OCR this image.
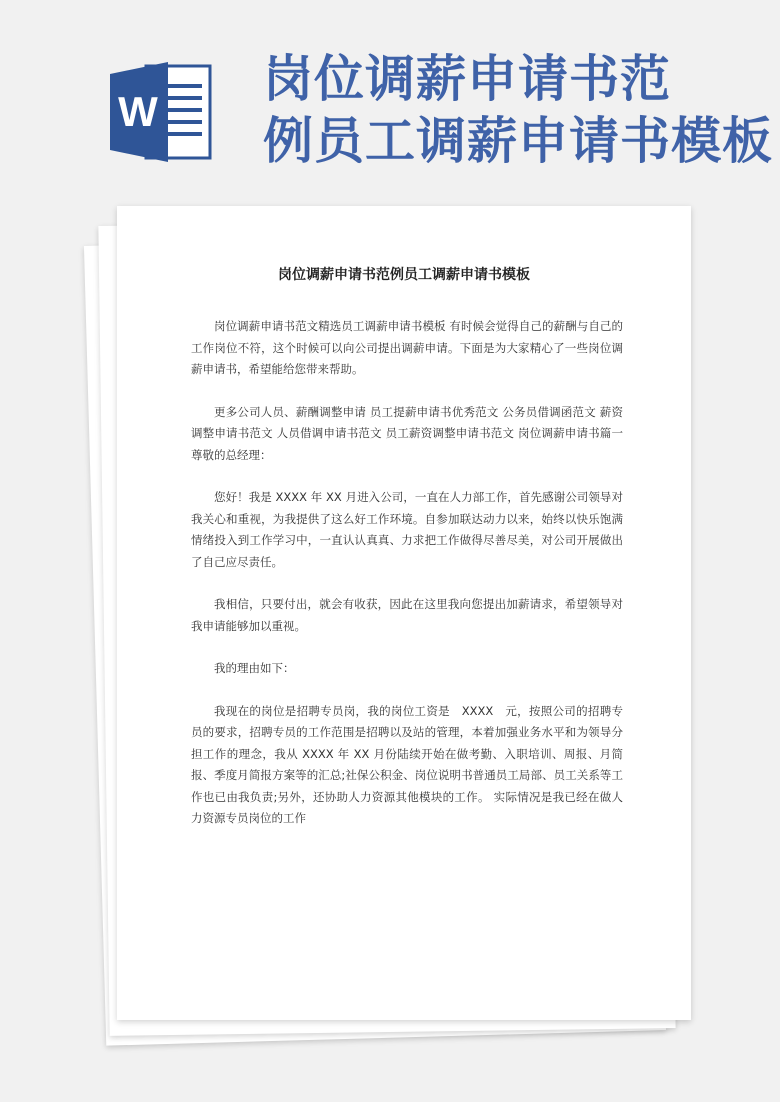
W
岗位调薪申请书范
例员工调薪申请书模板
岗位调薪申请书范例员工调薪申请书模板

岗位调薪申请书范文精选员工调薪申请书模板 有时候会觉得自己的薪酬与自己的工作岗位不符，这个时候可以向公司提出调薪申请。下面是为大家精心了一些岗位调薪申请书，希望能给您带来帮助。

更多公司人员、薪酬调整申请 员工提薪申请书优秀范文 公务员借调函范文 薪资调整申请书范文 人员借调申请书范文 员工薪资调整申请书范文 岗位调薪申请书篇一 尊敬的总经理：

您好！我是 XXXX 年 XX 月进入公司，一直在人力部工作，首先感谢公司领导对我关心和重视，为我提供了这么好工作环境。自参加联达动力以来，始终以快乐饱满情绪投入到工作学习中，一直认认真真、力求把工作做得尽善尽美，对公司开展做出了自己应尽责任。

我相信，只要付出，就会有收获，因此在这里我向您提出加薪请求，希望领导对我申请能够加以重视。

我的理由如下：

我现在的岗位是招聘专员岗，我的岗位工资是　XXXX　元，按照公司的招聘专员的要求，招聘专员的工作范围是招聘以及站的管理，本着加强业务水平和为领导分担工作的理念，我从 XXXX 年 XX 月份陆续开始在做考勤、入职培训、周报、月简报、季度月简报方案等的汇总;社保公积金、岗位说明书普通员工局部、员工关系等工作也已由我负责;另外，还协助人力资源其他模块的工作。 实际情况是我已经在做人力资源专员岗位的工作
